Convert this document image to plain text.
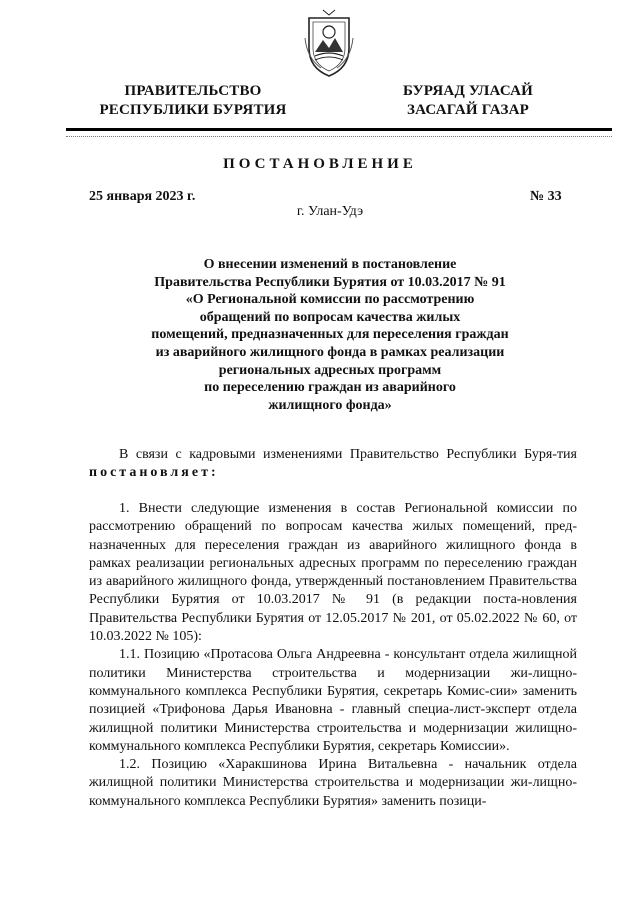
ПРАВИТЕЛЬСТВО
РЕСПУБЛИКИ БУРЯТИЯ
БУРЯАД УЛАСАЙ
ЗАСАГАЙ ГАЗАР
ПОСТАНОВЛЕНИЕ
25 января 2023 г.	№ 33
г. Улан-Удэ
О внесении изменений в постановление
Правительства Республики Бурятия от 10.03.2017 № 91
«О Региональной комиссии по рассмотрению
обращений по вопросам качества жилых
помещений, предназначенных для переселения граждан
из аварийного жилищного фонда в рамках реализации
региональных адресных программ
по переселению граждан из аварийного
жилищного фонда»

В связи с кадровыми изменениями Правительство Республики Буря-тия постановляет:

1. Внести следующие изменения в состав Региональной комиссии по рассмотрению обращений по вопросам качества жилых помещений, пред-назначенных для переселения граждан из аварийного жилищного фонда в рамках реализации региональных адресных программ по переселению граждан из аварийного жилищного фонда, утвержденный постановлением Правительства Республики Бурятия от 10.03.2017 № 91 (в редакции поста-новления Правительства Республики Бурятия от 12.05.2017 № 201, от 05.02.2022 № 60, от 10.03.2022 № 105):

1.1. Позицию «Протасова Ольга Андреевна - консультант отдела жилищной политики Министерства строительства и модернизации жи-лищно-коммунального комплекса Республики Бурятия, секретарь Комис-сии» заменить позицией «Трифонова Дарья Ивановна - главный специа-лист-эксперт отдела жилищной политики Министерства строительства и модернизации жилищно-коммунального комплекса Республики Бурятия, секретарь Комиссии».

1.2. Позицию «Харакшинова Ирина Витальевна - начальник отдела жилищной политики Министерства строительства и модернизации жи-лищно-коммунального комплекса Республики Бурятия» заменить позици-
